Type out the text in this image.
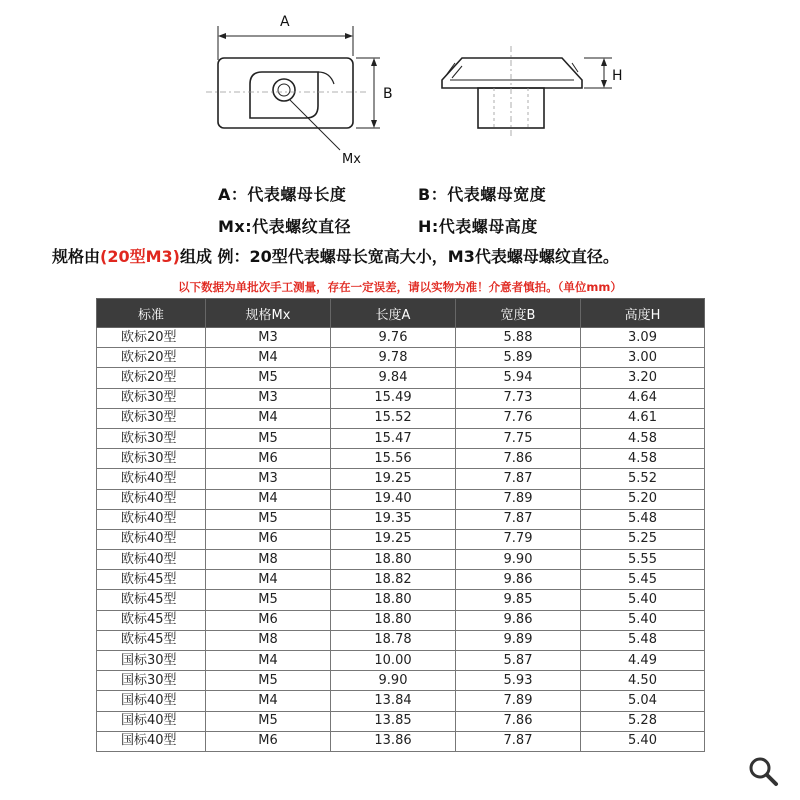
A
B
Mx
H
A：代表螺母长度	B：代表螺母宽度
Mx:代表螺纹直径	H:代表螺母高度
规格由(20型M3)组成 例：20型代表螺母长宽高大小，M3代表螺母螺纹直径。
以下数据为单批次手工测量，存在一定误差，请以实物为准！介意者慎拍。（单位mm）
标准	规格Mx	长度A	宽度B	高度H
欧标20型	M3	9.76	5.88	3.09
欧标20型	M4	9.78	5.89	3.00
欧标20型	M5	9.84	5.94	3.20
欧标30型	M3	15.49	7.73	4.64
欧标30型	M4	15.52	7.76	4.61
欧标30型	M5	15.47	7.75	4.58
欧标30型	M6	15.56	7.86	4.58
欧标40型	M3	19.25	7.87	5.52
欧标40型	M4	19.40	7.89	5.20
欧标40型	M5	19.35	7.87	5.48
欧标40型	M6	19.25	7.79	5.25
欧标40型	M8	18.80	9.90	5.55
欧标45型	M4	18.82	9.86	5.45
欧标45型	M5	18.80	9.85	5.40
欧标45型	M6	18.80	9.86	5.40
欧标45型	M8	18.78	9.89	5.48
国标30型	M4	10.00	5.87	4.49
国标30型	M5	9.90	5.93	4.50
国标40型	M4	13.84	7.89	5.04
国标40型	M5	13.85	7.86	5.28
国标40型	M6	13.86	7.87	5.40
